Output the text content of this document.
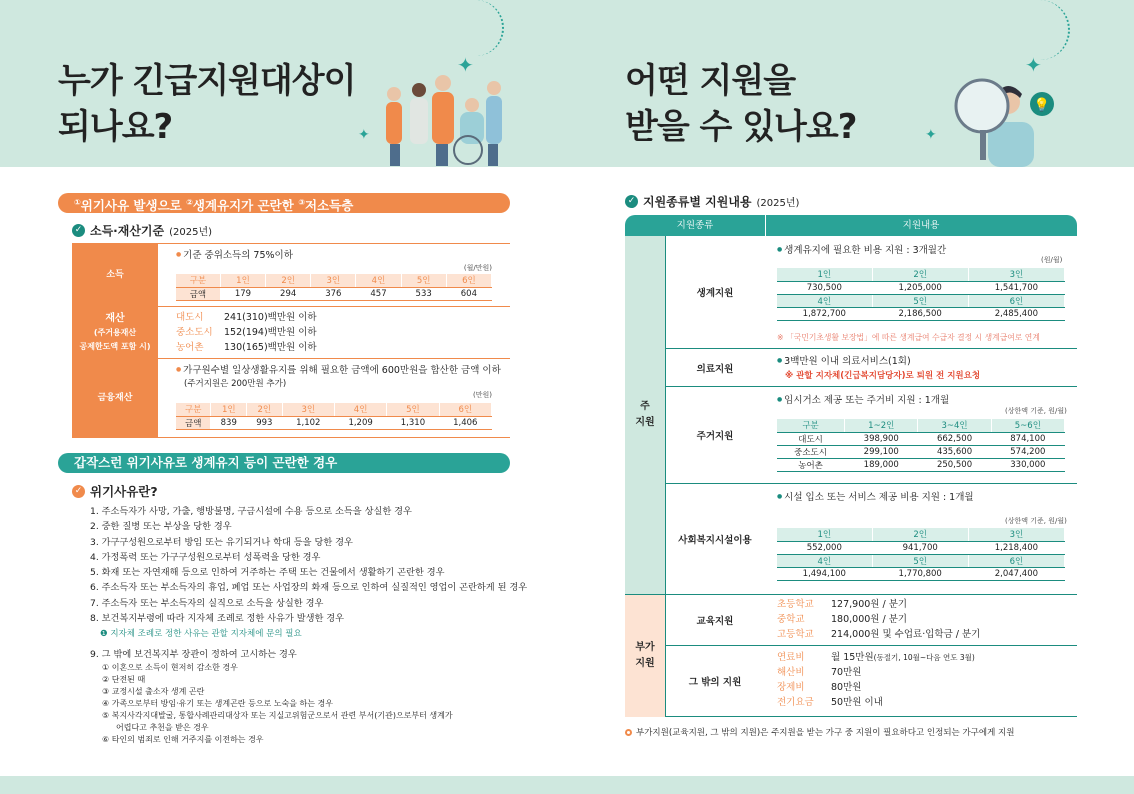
누가 긴급지원대상이
되나요?
어떤 지원을
받을 수 있나요?
✦
✦
✦
✦
💡
①위기사유 발생으로 ②생계유지가 곤란한 ③저소득층
✓ 소득·재산기준 (2025년)
소득
● 기준 중위소득의 75%이하
(월/만원)
구분	1인	2인	3인	4인	5인	6인
금액	179	294	376	457	533	604
재산
(주거용재산
공제한도액 포함 시)
대도시	241(310)백만원 이하
중소도시	152(194)백만원 이하
농어촌	130(165)백만원 이하
금융재산
● 가구원수별 일상생활유지를 위해 필요한 금액에 600만원을 합산한 금액 이하
(주거지원은 200만원 추가)
(만원)
구분	1인	2인	3인	4인	5인	6인
금액	839	993	1,102	1,209	1,310	1,406
갑작스런 위기사유로 생계유지 등이 곤란한 경우
✓ 위기사유란?
1. 주소득자가 사망, 가출, 행방불명, 구금시설에 수용 등으로 소득을 상실한 경우
2. 중한 질병 또는 부상을 당한 경우
3. 가구구성원으로부터 방임 또는 유기되거나 학대 등을 당한 경우
4. 가정폭력 또는 가구구성원으로부터 성폭력을 당한 경우
5. 화재 또는 자연재해 등으로 인하여 거주하는 주택 또는 건물에서 생활하기 곤란한 경우
6. 주소득자 또는 부소득자의 휴업, 폐업 또는 사업장의 화재 등으로 인하여 실질적인 영업이 곤란하게 된 경우
7. 주소득자 또는 부소득자의 실직으로 소득을 상실한 경우
8. 보건복지부령에 따라 지자체 조례로 정한 사유가 발생한 경우
❶ 지자체 조례로 정한 사유는 관할 지자체에 문의 필요
9. 그 밖에 보건복지부 장관이 정하여 고시하는 경우
① 이혼으로 소득이 현저히 감소한 경우
② 단전된 때
③ 교정시설 출소자 생계 곤란
④ 가족으로부터 방임·유기 또는 생계곤란 등으로 노숙을 하는 경우
⑤ 복지사각지대발굴, 통합사례관리대상자 또는 지실고위험군으로서 관련 부서(기관)으로부터 생계가
어렵다고 추천을 받은 경우
⑥ 타인의 범죄로 인해 거주지를 이전하는 경우
✓ 지원종류별 지원내용 (2025년)
지원종류	지원내용
주
지원
부가
지원
생계지원
● 생계유지에 필요한 비용 지원 : 3개월간
(원/월)
1인	2인	3인
730,500	1,205,000	1,541,700
4인	5인	6인
1,872,700	2,186,500	2,485,400
※ 「국민기초생활 보장법」에 따른 생계급여 수급자 결정 시 생계급여로 연계
의료지원
● 3백만원 이내 의료서비스(1회)
※ 관할 지자체(긴급복지담당자)로 퇴원 전 지원요청
주거지원
● 임시거소 제공 또는 주거비 지원 : 1개월
(상한액 기준, 원/월)
구분	1~2인	3~4인	5~6인
대도시	398,900	662,500	874,100
중소도시	299,100	435,600	574,200
농어촌	189,000	250,500	330,000
사회복지시설이용
● 시설 입소 또는 서비스 제공 비용 지원 : 1개월
(상한액 기준, 원/월)
1인	2인	3인
552,000	941,700	1,218,400
4인	5인	6인
1,494,100	1,770,800	2,047,400
교육지원
초등학교	127,900원 / 분기
중학교	180,000원 / 분기
고등학교	214,000원 및 수업료·입학금 / 분기
그 밖의 지원
연료비	월 15만원 (동절기, 10월~다음 연도 3월)
해산비	70만원
장제비	80만원
전기요금	50만원 이내
부가지원(교육지원, 그 밖의 지원)은 주지원을 받는 가구 중 지원이 필요하다고 인정되는 가구에게 지원
